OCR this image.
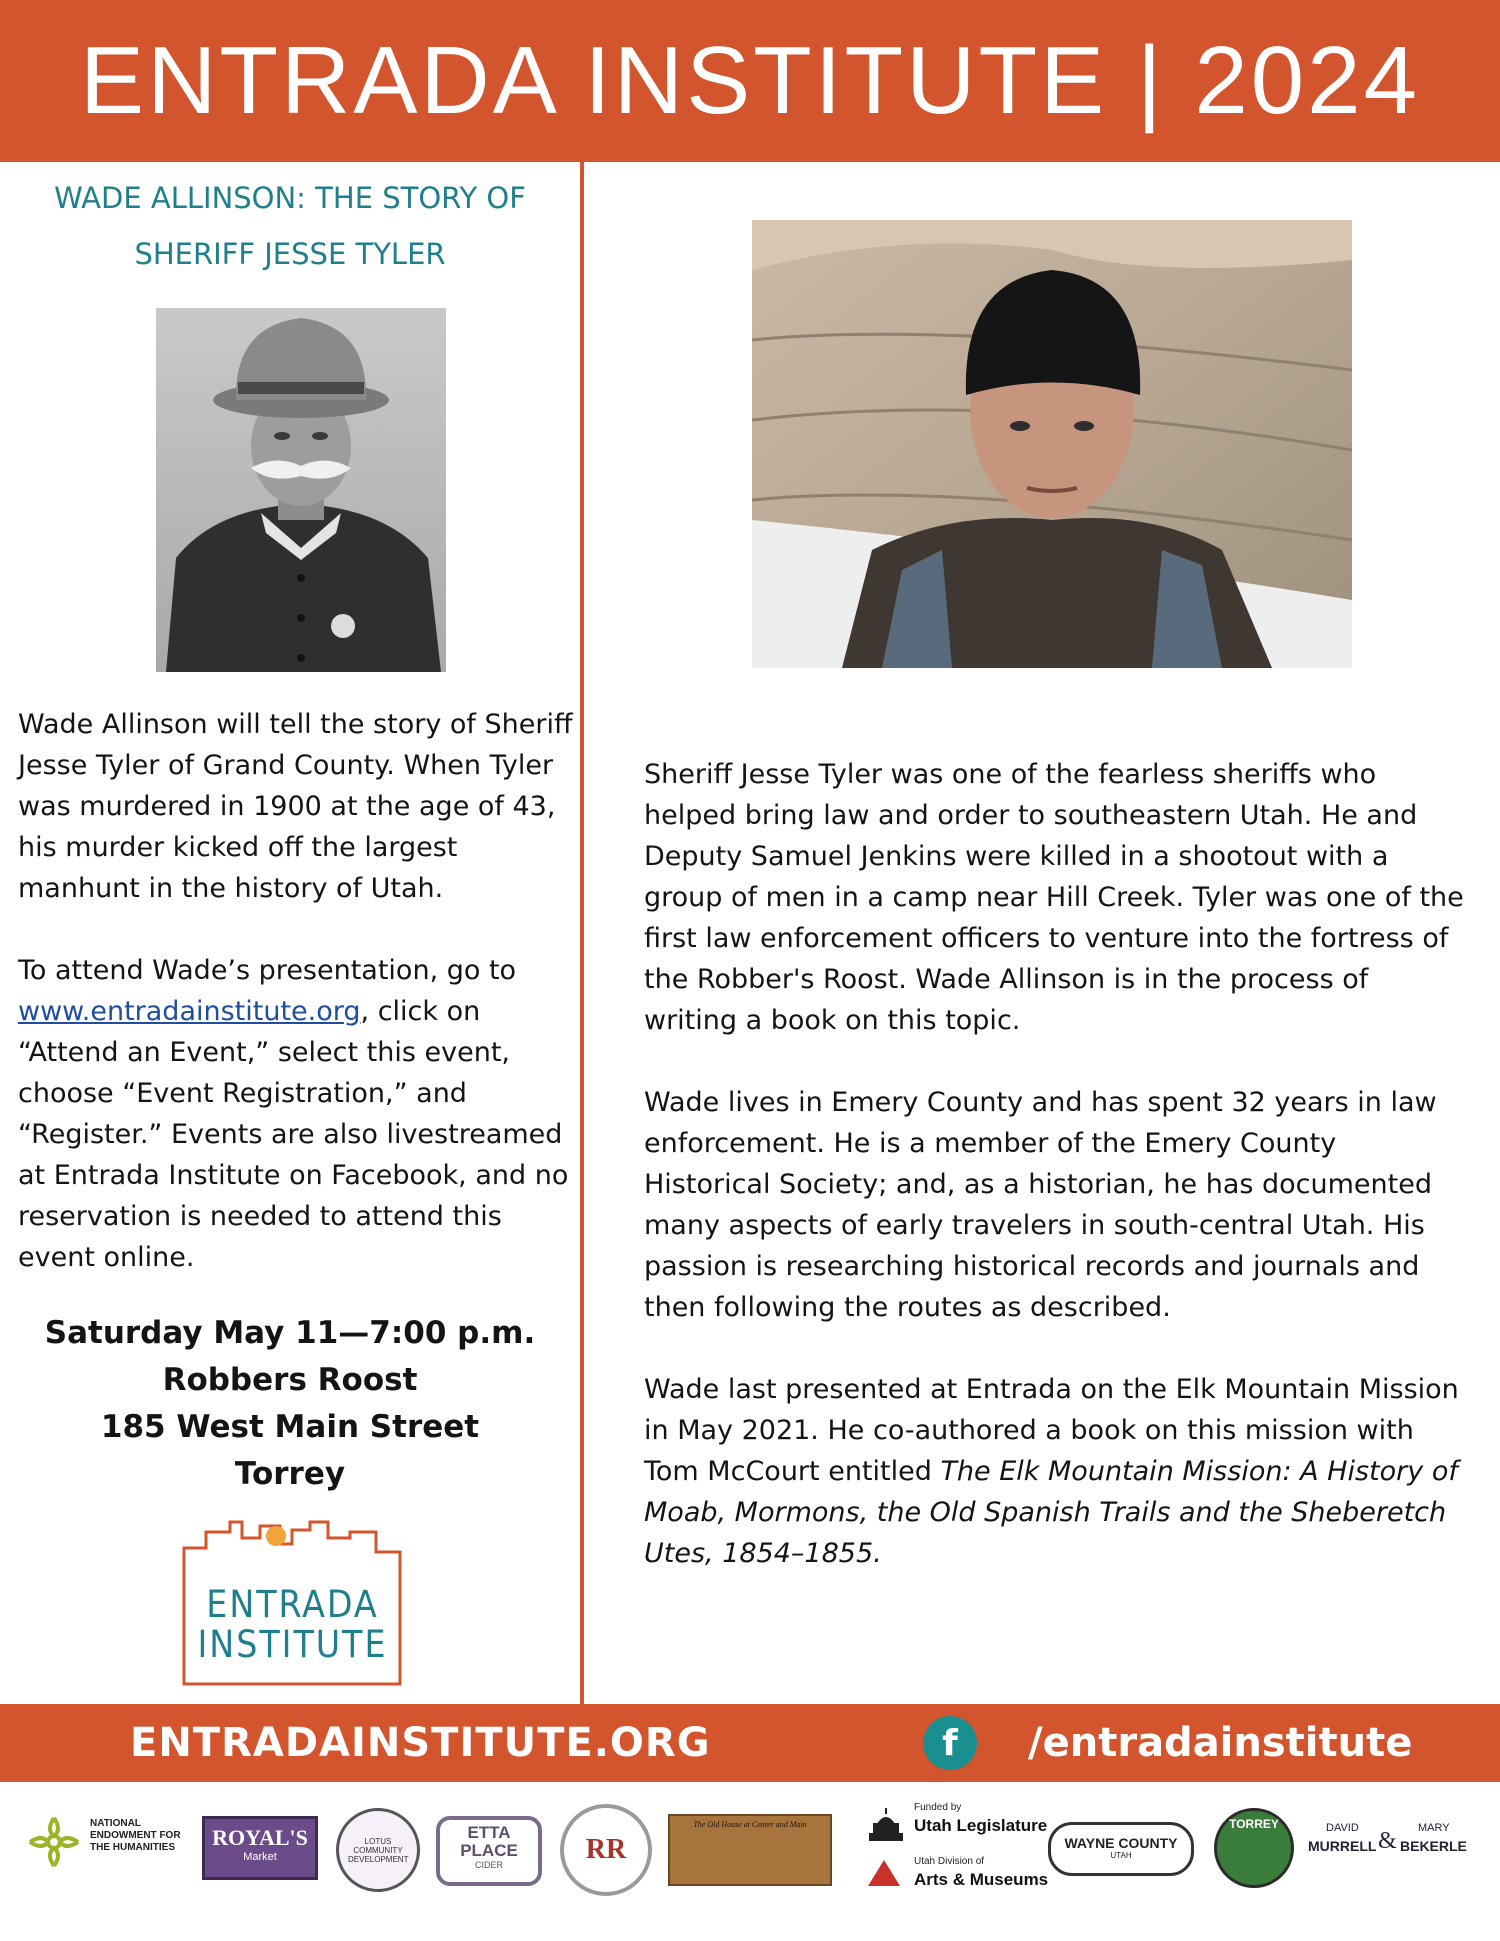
ENTRADA INSTITUTE | 2024
WADE ALLINSON: THE STORY OF
SHERIFF JESSE TYLER

Wade Allinson will tell the story of Sheriff Jesse Tyler of Grand County. When Tyler was murdered in 1900 at the age of 43, his murder kicked off the largest manhunt in the history of Utah.

To attend Wade’s presentation, go to www.entradainstitute.org, click on “Attend an Event,” select this event, choose “Event Registration,” and “Register.” Events are also livestreamed at Entrada Institute on Facebook, and no reservation is needed to attend this event online.

Saturday May 11—7:00 p.m.
Robbers Roost
185 West Main Street
Torrey
ENTRADA
INSTITUTE

Sheriff Jesse Tyler was one of the fearless sheriffs who helped bring law and order to southeastern Utah. He and Deputy Samuel Jenkins were killed in a shootout with a group of men in a camp near Hill Creek. Tyler was one of the first law enforcement officers to venture into the fortress of the Robber's Roost. Wade Allinson is in the process of writing a book on this topic.

Wade lives in Emery County and has spent 32 years in law enforcement. He is a member of the Emery County Historical Society; and, as a historian, he has documented many aspects of early travelers in south-central Utah. His passion is researching historical records and journals and then following the routes as described.

Wade last presented at Entrada on the Elk Mountain Mission in May 2021. He co-authored a book on this mission with Tom McCourt entitled The Elk Mountain Mission: A History of Moab, Mormons, the Old Spanish Trails and the Sheberetch Utes, 1854–1855.

ENTRADAINSTITUTE.ORG	f	/entradainstitute
NATIONAL ENDOWMENT FOR THE HUMANITIES	ROYAL'S
Market
LOTUS COMMUNITY DEVELOPMENT
ETTA
PLACE
CIDER	RR
The Old House at Center and Main
Funded by
Utah Legislature
Utah Division of
Arts & Museums
WAYNE COUNTY
UTAH
TORREY	DAVID
MURRELL & MARY
BEKERLE
